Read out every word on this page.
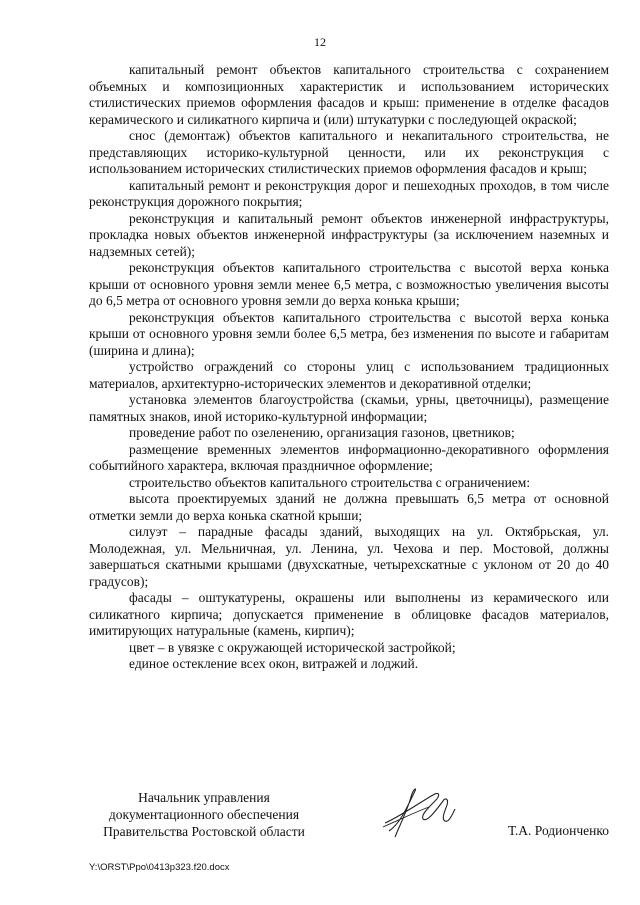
12

капитальный ремонт объектов капитального строительства с сохранением объемных и композиционных характеристик и использованием исторических стилистических приемов оформления фасадов и крыш: применение в отделке фасадов керамического и силикатного кирпича и (или) штукатурки с последующей окраской;

снос (демонтаж) объектов капитального и некапитального строительства, не представляющих историко-культурной ценности, или их реконструкция с использованием исторических стилистических приемов оформления фасадов и крыш;

капитальный ремонт и реконструкция дорог и пешеходных проходов, в том числе реконструкция дорожного покрытия;

реконструкция и капитальный ремонт объектов инженерной инфраструктуры, прокладка новых объектов инженерной инфраструктуры (за исключением наземных и надземных сетей);

реконструкция объектов капитального строительства с высотой верха конька крыши от основного уровня земли менее 6,5 метра, с возможностью увеличения высоты до 6,5 метра от основного уровня земли до верха конька крыши;

реконструкция объектов капитального строительства с высотой верха конька крыши от основного уровня земли более 6,5 метра, без изменения по высоте и габаритам (ширина и длина);

устройство ограждений со стороны улиц с использованием традиционных материалов, архитектурно-исторических элементов и декоративной отделки;

установка элементов благоустройства (скамьи, урны, цветочницы), размещение памятных знаков, иной историко-культурной информации;

проведение работ по озеленению, организация газонов, цветников;

размещение временных элементов информационно-декоративного оформления событийного характера, включая праздничное оформление;

строительство объектов капитального строительства с ограничением:

высота проектируемых зданий не должна превышать 6,5 метра от основной отметки земли до верха конька скатной крыши;

силуэт – парадные фасады зданий, выходящих на ул. Октябрьская, ул. Молодежная, ул. Мельничная, ул. Ленина, ул. Чехова и пер. Мостовой, должны завершаться скатными крышами (двухскатные, четырехскатные с уклоном от 20 до 40 градусов);

фасады – оштукатурены, окрашены или выполнены из керамического или силикатного кирпича; допускается применение в облицовке фасадов материалов, имитирующих натуральные (камень, кирпич);

цвет – в увязке с окружающей исторической застройкой;

единое остекление всех окон, витражей и лоджий.

Начальник управления
документационного обеспечения
Правительства Ростовской области	Т.А. Родионченко
Y:\ORST\Ppo\0413p323.f20.docx
